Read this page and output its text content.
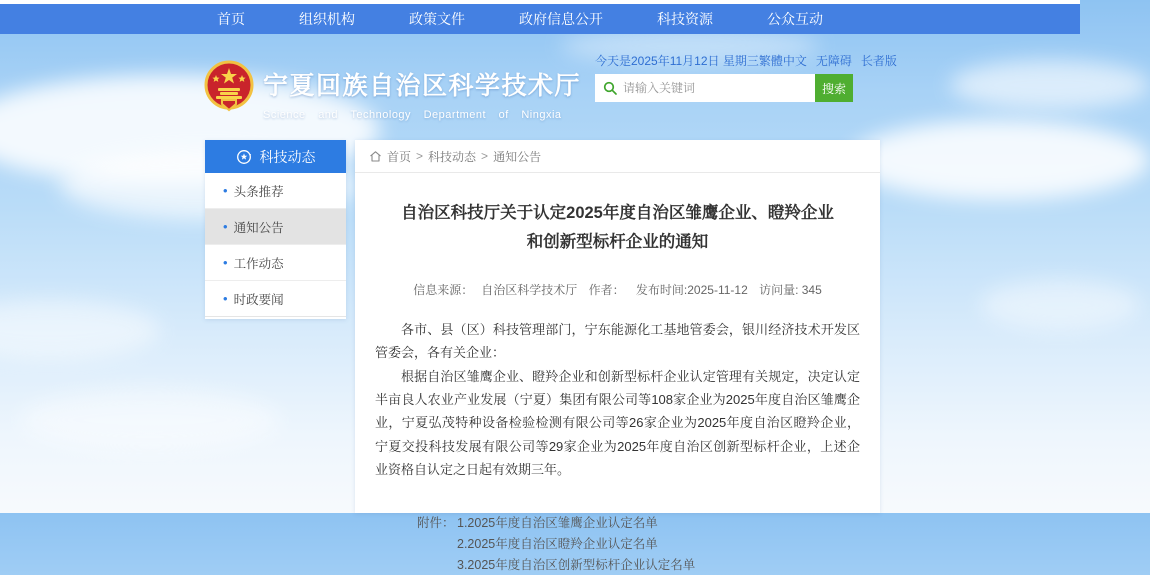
首页	组织机构	政策文件	政府信息公开	科技资源	公众互动
宁夏回族自治区科学技术厅
Science and Technology Department of Ningxia
今天是2025年11月12日 星期三 繁體中文 无障碍 长者版
请输入关键词
搜索
科技动态
• 头条推荐
• 通知公告
• 工作动态
• 时政要闻
首页 > 科技动态 > 通知公告
自治区科技厅关于认定2025年度自治区雏鹰企业、瞪羚企业
和创新型标杆企业的通知
信息来源： 自治区科学技术厅 作者： 发布时间:2025-11-12 访问量: 345

各市、县（区）科技管理部门，宁东能源化工基地管委会，银川经济技术开发区管委会，各有关企业：

根据自治区雏鹰企业、瞪羚企业和创新型标杆企业认定管理有关规定，决定认定半亩良人农业产业发展（宁夏）集团有限公司等108家企业为2025年度自治区雏鹰企业，宁夏弘茂特种设备检验检测有限公司等26家企业为2025年度自治区瞪羚企业，宁夏交投科技发展有限公司等29家企业为2025年度自治区创新型标杆企业，上述企业资格自认定之日起有效期三年。

附件： 1.2025年度自治区雏鹰企业认定名单
2.2025年度自治区瞪羚企业认定名单
3.2025年度自治区创新型标杆企业认定名单
